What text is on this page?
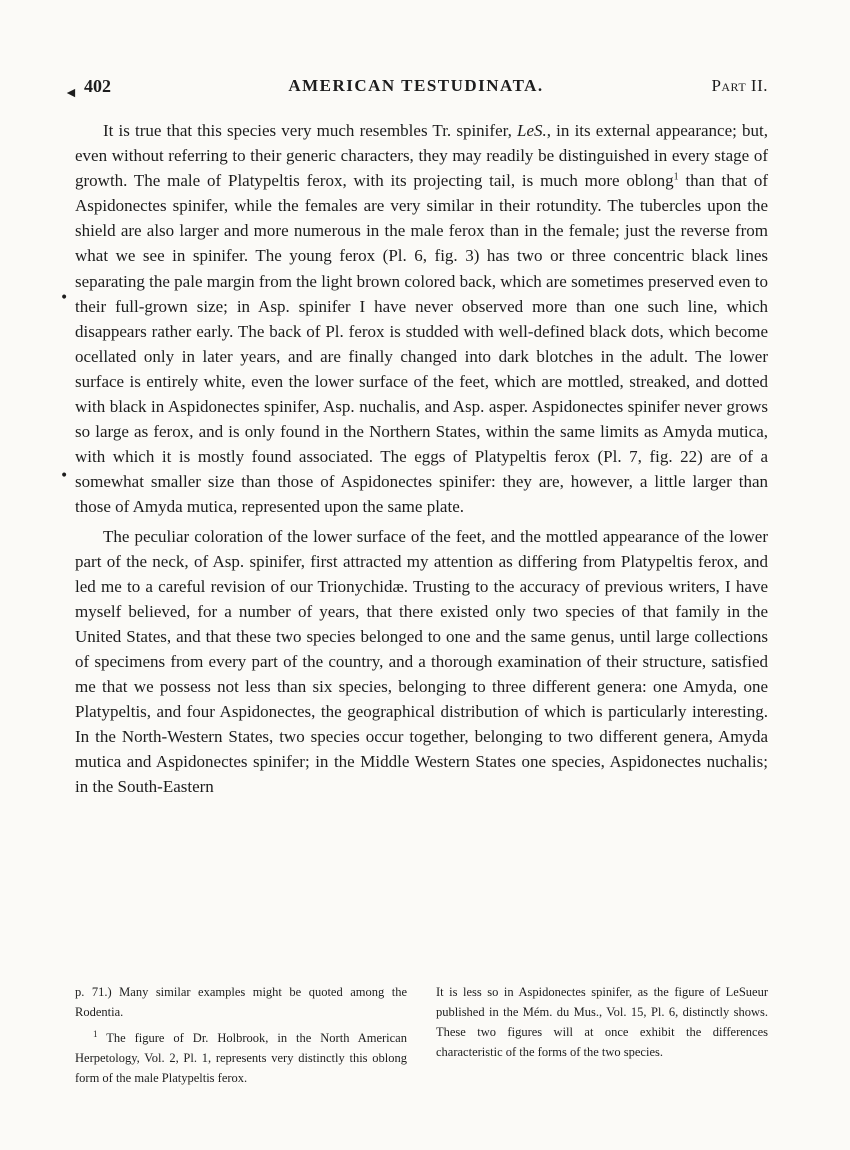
◄ 402	AMERICAN TESTUDINATA.	Part II.
•
•

It is true that this species very much resembles Tr. spinifer, LeS., in its external appearance; but, even without referring to their generic characters, they may readily be distinguished in every stage of growth. The male of Platypeltis ferox, with its projecting tail, is much more oblong$^1$ than that of Aspidonectes spinifer, while the females are very similar in their rotundity. The tubercles upon the shield are also larger and more numerous in the male ferox than in the female; just the reverse from what we see in spinifer. The young ferox (Pl. 6, fig. 3) has two or three concentric black lines separating the pale margin from the light brown colored back, which are sometimes preserved even to their full-grown size; in Asp. spinifer I have never observed more than one such line, which disappears rather early. The back of Pl. ferox is studded with well-defined black dots, which become ocellated only in later years, and are finally changed into dark blotches in the adult. The lower surface is entirely white, even the lower surface of the feet, which are mottled, streaked, and dotted with black in Aspidonectes spinifer, Asp. nuchalis, and Asp. asper. Aspidonectes spinifer never grows so large as ferox, and is only found in the Northern States, within the same limits as Amyda mutica, with which it is mostly found associated. The eggs of Platypeltis ferox (Pl. 7, fig. 22) are of a somewhat smaller size than those of Aspidonectes spinifer: they are, however, a little larger than those of Amyda mutica, represented upon the same plate.

The peculiar coloration of the lower surface of the feet, and the mottled appearance of the lower part of the neck, of Asp. spinifer, first attracted my attention as differing from Platypeltis ferox, and led me to a careful revision of our Trionychidæ. Trusting to the accuracy of previous writers, I have myself believed, for a number of years, that there existed only two species of that family in the United States, and that these two species belonged to one and the same genus, until large collections of specimens from every part of the country, and a thorough examination of their structure, satisfied me that we possess not less than six species, belonging to three different genera: one Amyda, one Platypeltis, and four Aspidonectes, the geographical distribution of which is particularly interesting. In the North-Western States, two species occur together, belonging to two different genera, Amyda mutica and Aspidonectes spinifer; in the Middle Western States one species, Aspidonectes nuchalis; in the South-Eastern

p. 71.) Many similar examples might be quoted among the Rodentia.

$^1$ The figure of Dr. Holbrook, in the North American Herpetology, Vol. 2, Pl. 1, represents very distinctly this oblong form of the male Platypeltis ferox.

It is less so in Aspidonectes spinifer, as the figure of LeSueur published in the Mém. du Mus., Vol. 15, Pl. 6, distinctly shows. These two figures will at once exhibit the differences characteristic of the forms of the two species.
